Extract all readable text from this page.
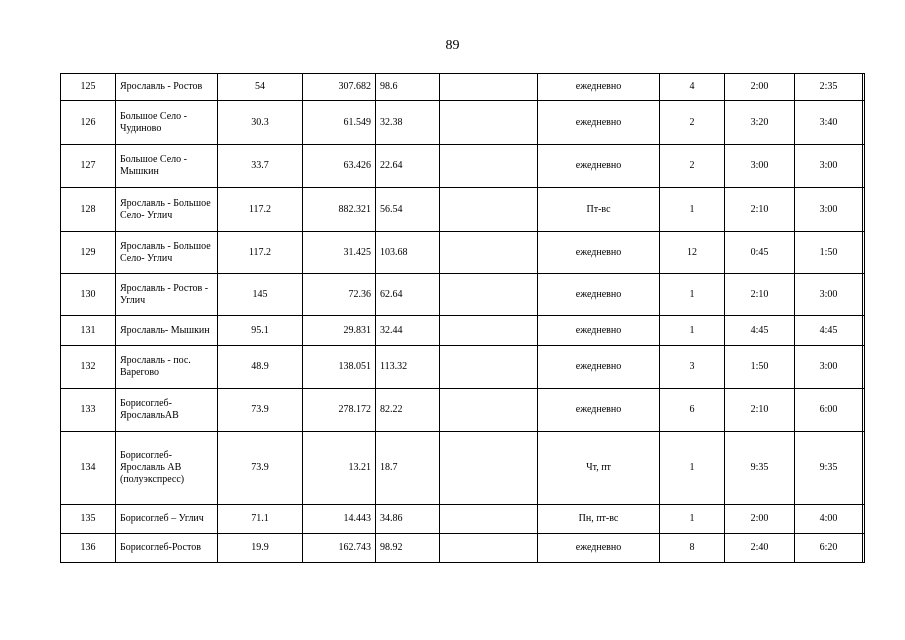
89
125	Ярославль - Ростов	54	307.682	98.6		ежедневно	4	2:00	2:35	
126	Большое Село - Чудиново	30.3	61.549	32.38		ежедневно	2	3:20	3:40	
127	Большое Село - Мышкин	33.7	63.426	22.64		ежедневно	2	3:00	3:00	
128	Ярославль - Большое Село- Углич	117.2	882.321	56.54		Пт-вс	1	2:10	3:00	
129	Ярославль - Большое Село- Углич	117.2	31.425	103.68		ежедневно	12	0:45	1:50	
130	Ярославль - Ростов - Углич	145	72.36	62.64		ежедневно	1	2:10	3:00	
131	Ярославль- Мышкин	95.1	29.831	32.44		ежедневно	1	4:45	4:45	
132	Ярославль - пос. Варегово	48.9	138.051	113.32		ежедневно	3	1:50	3:00	
133	Борисоглеб- ЯрославльАВ	73.9	278.172	82.22		ежедневно	6	2:10	6:00	
134	Борисоглеб- Ярославль АВ (полуэкспресс)	73.9	13.21	18.7		Чт, пт	1	9:35	9:35	
135	Борисоглеб – Углич	71.1	14.443	34.86		Пн, пт-вс	1	2:00	4:00	
136	Борисоглеб-Ростов	19.9	162.743	98.92		ежедневно	8	2:40	6:20	
